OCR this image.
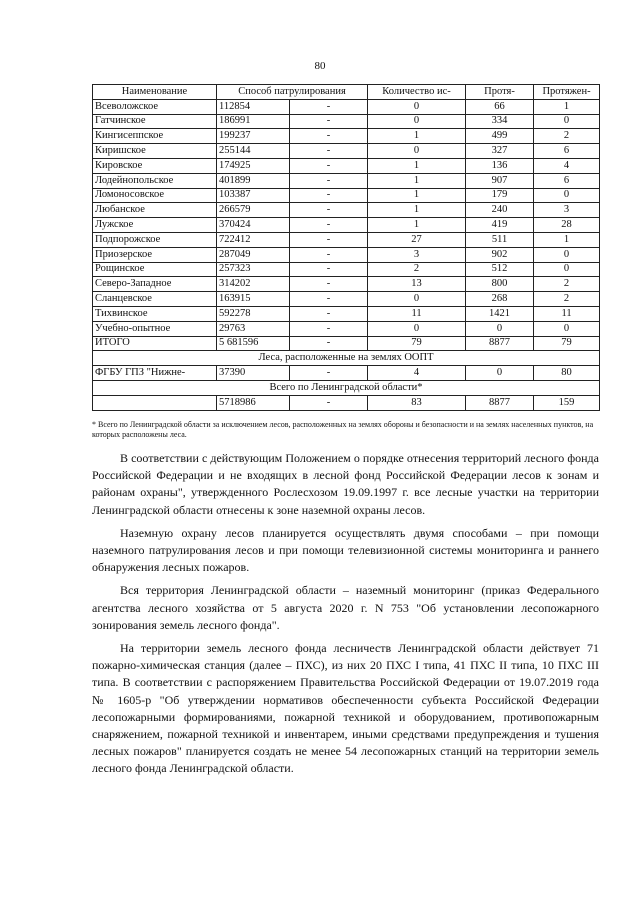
80
Наименование	Способ патрулирования		Количество ис-	Протя-	Протяжен-
Всеволожское	112854	-	0	66	1
Гатчинское	186991	-	0	334	0
Кингисеппское	199237	-	1	499	2
Киришское	255144	-	0	327	6
Кировское	174925	-	1	136	4
Лодейнопольское	401899	-	1	907	6
Ломоносовское	103387	-	1	179	0
Любанское	266579	-	1	240	3
Лужское	370424	-	1	419	28
Подпорожское	722412	-	27	511	1
Приозерское	287049	-	3	902	0
Рощинское	257323	-	2	512	0
Северо-Западное	314202	-	13	800	2
Сланцевское	163915	-	0	268	2
Тихвинское	592278	-	11	1421	11
Учебно-опытное	29763	-	0	0	0
ИТОГО	5 681596	-	79	8877	79
Леса, расположенные на землях ООПТ					
ФГБУ ГПЗ "Нижне-	37390	-	4	0	80
Всего по Ленинградской области*					
	5718986	-	83	8877	159
* Всего по Ленинградской области за исключением лесов, расположенных на землях обороны и безопасности и на землях населенных пунктов, на которых расположены леса.

В соответствии с действующим Положением о порядке отнесения территорий лесного фонда Российской Федерации и не входящих в лесной фонд Российской Федерации лесов к зонам и районам охраны", утвержденного Рослесхозом 19.09.1997 г. все лесные участки на территории Ленинградской области отнесены к зоне наземной охраны лесов.

Наземную охрану лесов планируется осуществлять двумя способами – при помощи наземного патрулирования лесов и при помощи телевизионной системы мониторинга и раннего обнаружения лесных пожаров.

Вся территория Ленинградской области – наземный мониторинг (приказ Федерального агентства лесного хозяйства от 5 августа 2020 г. N 753 "Об установлении лесопожарного зонирования земель лесного фонда".

На территории земель лесного фонда лесничеств Ленинградской области действует 71 пожарно-химическая станция (далее – ПХС), из них 20 ПХС I типа, 41 ПХС II типа, 10 ПХС III типа. В соответствии с распоряжением Правительства Российской Федерации от 19.07.2019 года № 1605-р "Об утверждении нормативов обеспеченности субъекта Российской Федерации лесопожарными формированиями, пожарной техникой и оборудованием, противопожарным снаряжением, пожарной техникой и инвентарем, иными средствами предупреждения и тушения лесных пожаров" планируется создать не менее 54 лесопожарных станций на территории земель лесного фонда Ленинградской области.
